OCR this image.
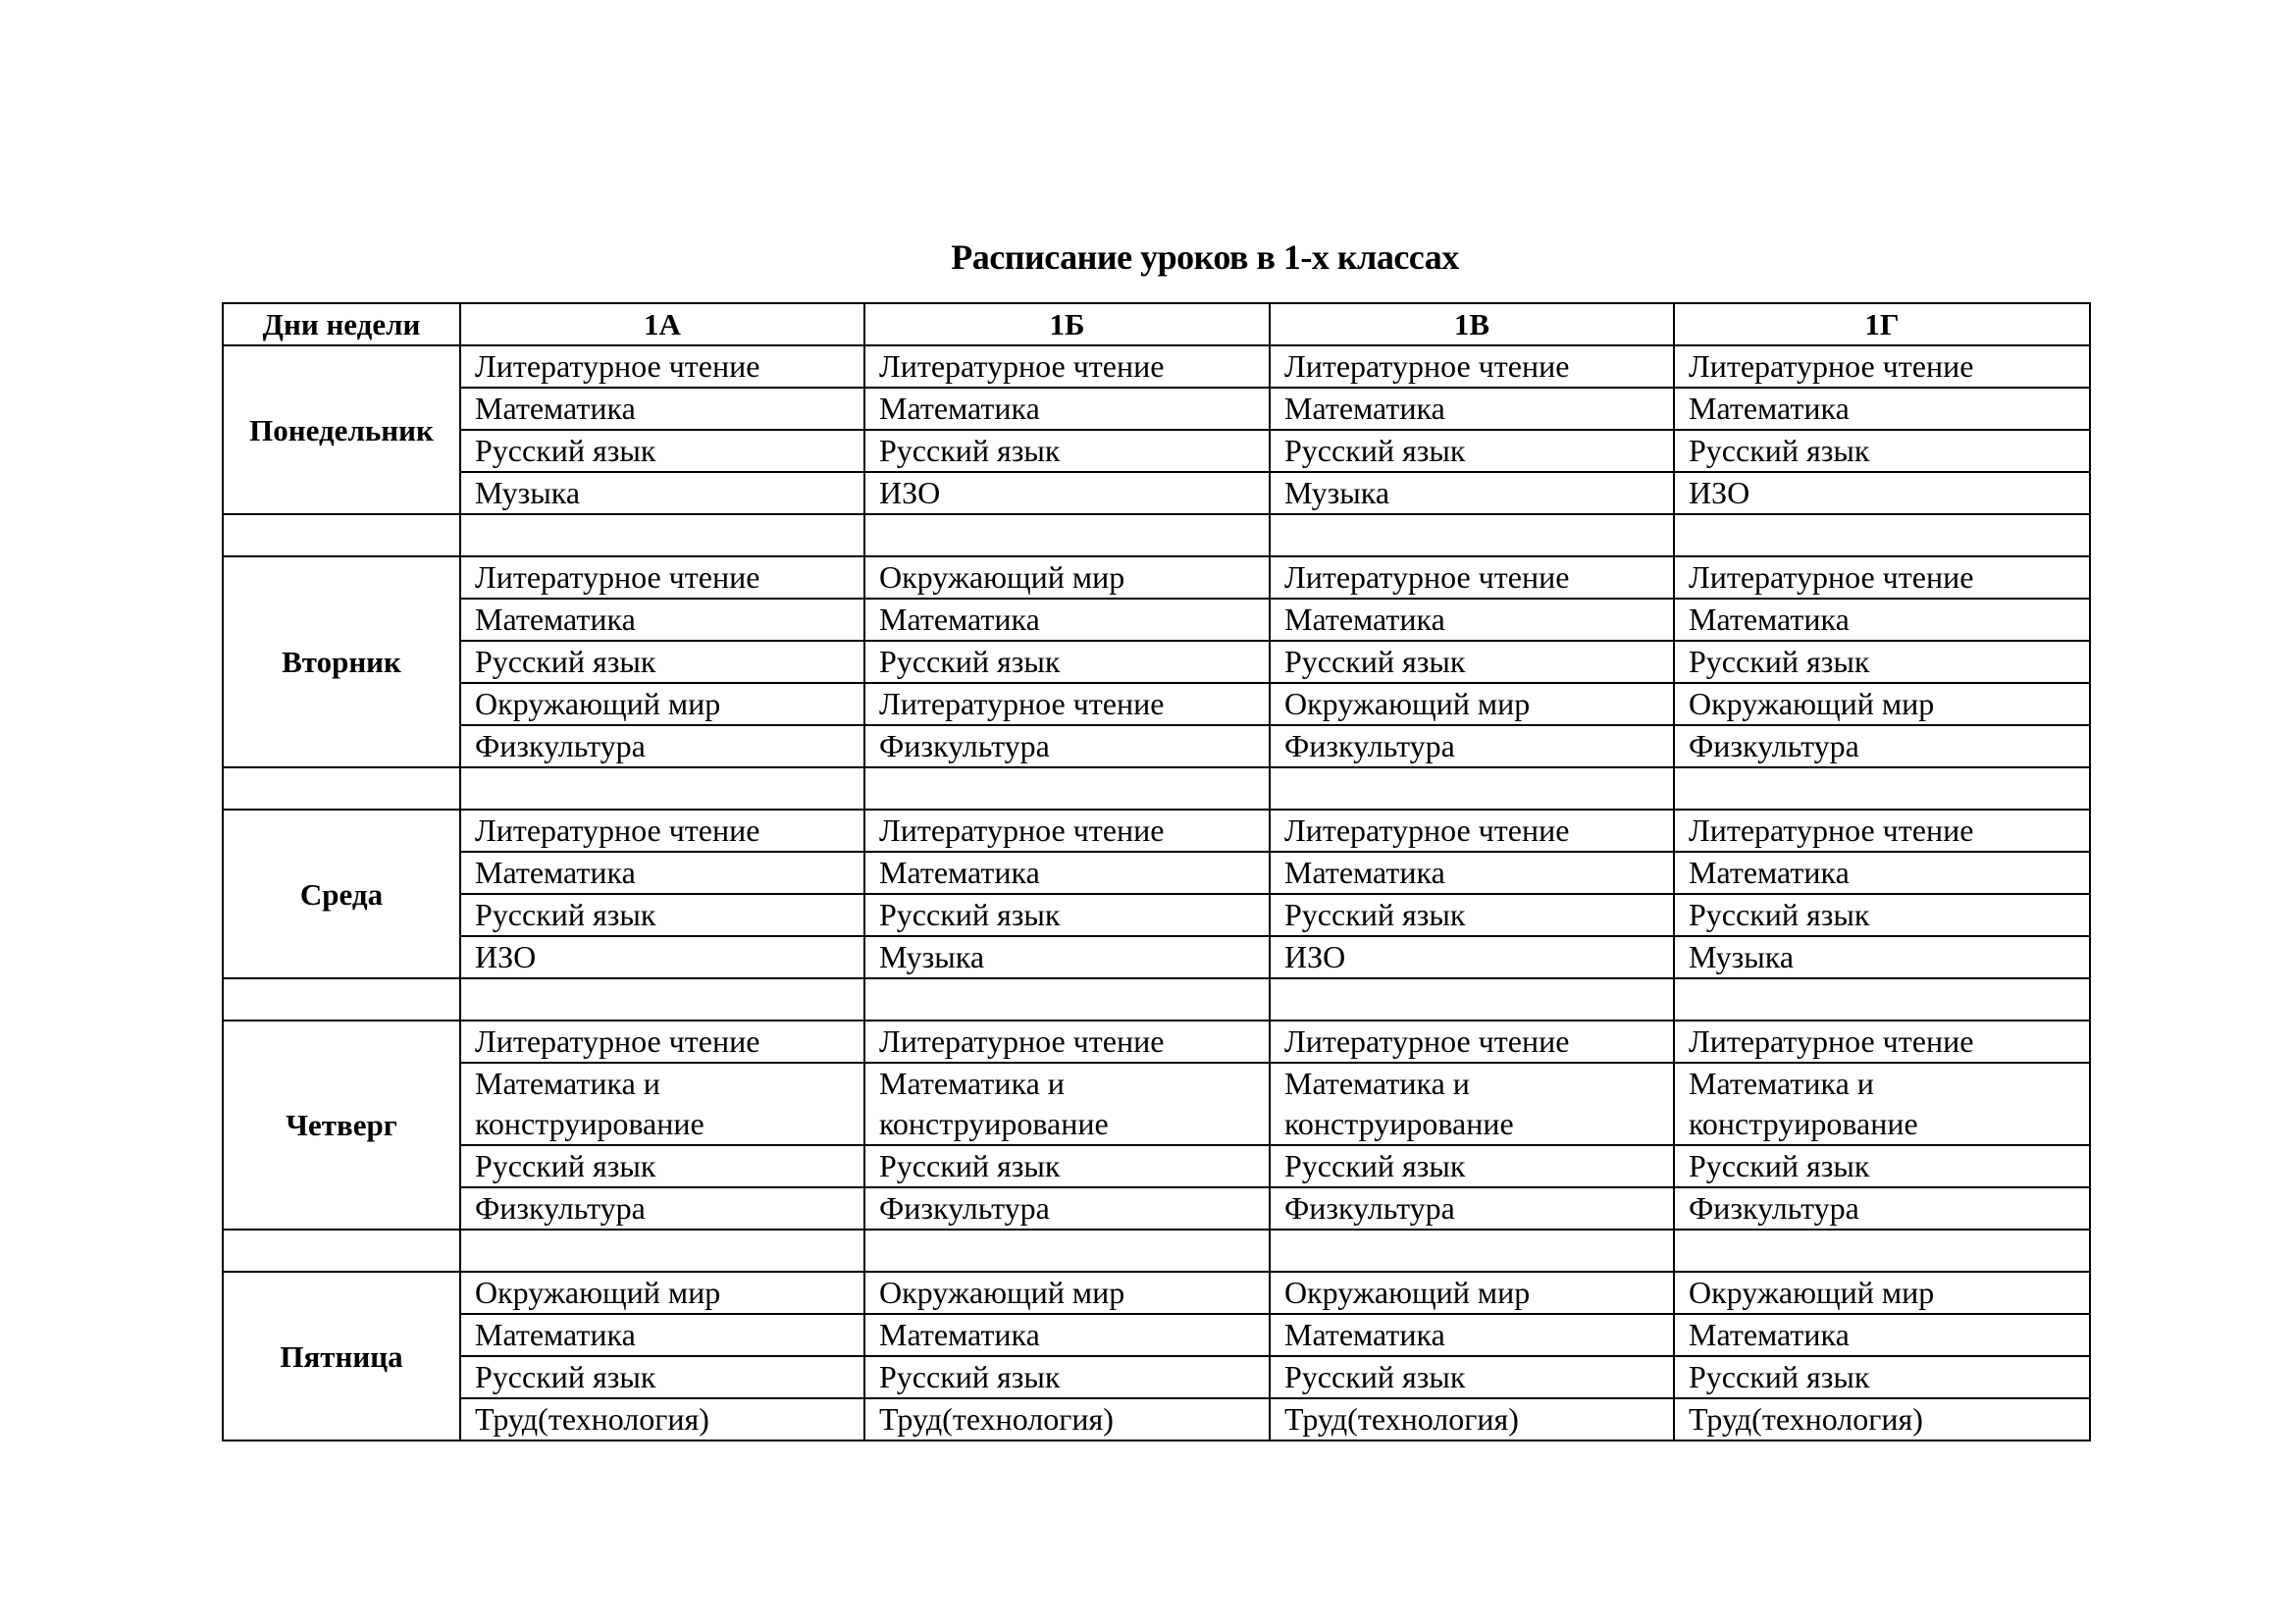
Расписание уроков в 1-х классах
Дни недели	1А	1Б	1В	1Г
Понедельник	Литературное чтение	Литературное чтение	Литературное чтение	Литературное чтение
	Математика	Математика	Математика	Математика
	Русский язык	Русский язык	Русский язык	Русский язык
	Музыка	ИЗО	Музыка	ИЗО

Вторник	Литературное чтение	Окружающий мир	Литературное чтение	Литературное чтение
	Математика	Математика	Математика	Математика
	Русский язык	Русский язык	Русский язык	Русский язык
	Окружающий мир	Литературное чтение	Окружающий мир	Окружающий мир
	Физкультура	Физкультура	Физкультура	Физкультура

Среда	Литературное чтение	Литературное чтение	Литературное чтение	Литературное чтение
	Математика	Математика	Математика	Математика
	Русский язык	Русский язык	Русский язык	Русский язык
	ИЗО	Музыка	ИЗО	Музыка

Четверг	Литературное чтение	Литературное чтение	Литературное чтение	Литературное чтение
	Математика и конструирование	Математика и конструирование	Математика и конструирование	Математика и конструирование
	Русский язык	Русский язык	Русский язык	Русский язык
	Физкультура	Физкультура	Физкультура	Физкультура

Пятница	Окружающий мир	Окружающий мир	Окружающий мир	Окружающий мир
	Математика	Математика	Математика	Математика
	Русский язык	Русский язык	Русский язык	Русский язык
	Труд(технология)	Труд(технология)	Труд(технология)	Труд(технология)
